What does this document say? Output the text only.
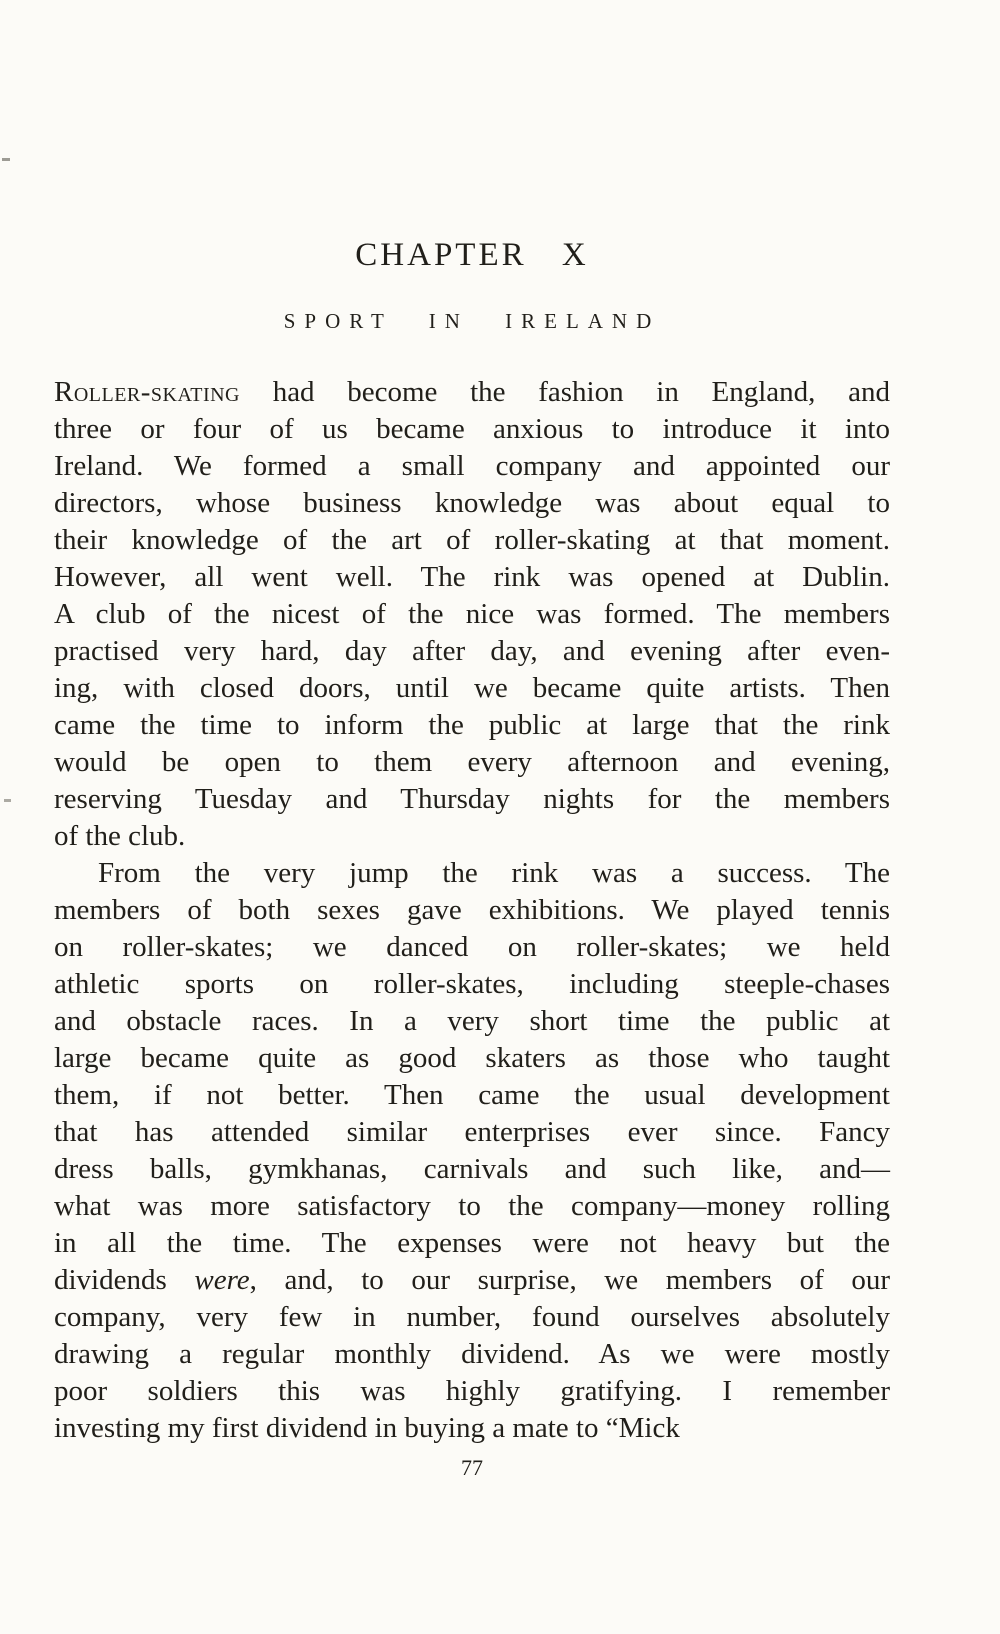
CHAPTER X
SPORT IN IRELAND
Roller-skating had become the fashion in England, and
three or four of us became anxious to introduce it into
Ireland. We formed a small company and appointed our
directors, whose business knowledge was about equal to
their knowledge of the art of roller-skating at that moment.
However, all went well. The rink was opened at Dublin.
A club of the nicest of the nice was formed. The members
practised very hard, day after day, and evening after even-
ing, with closed doors, until we became quite artists. Then
came the time to inform the public at large that the rink
would be open to them every afternoon and evening,
reserving Tuesday and Thursday nights for the members
of the club.
From the very jump the rink was a success. The
members of both sexes gave exhibitions. We played tennis
on roller-skates; we danced on roller-skates; we held
athletic sports on roller-skates, including steeple-chases
and obstacle races. In a very short time the public at
large became quite as good skaters as those who taught
them, if not better. Then came the usual development
that has attended similar enterprises ever since. Fancy
dress balls, gymkhanas, carnivals and such like, and—
what was more satisfactory to the company—money rolling
in all the time. The expenses were not heavy but the
dividends were, and, to our surprise, we members of our
company, very few in number, found ourselves absolutely
drawing a regular monthly dividend. As we were mostly
poor soldiers this was highly gratifying. I remember
investing my first dividend in buying a mate to “Mick
77
